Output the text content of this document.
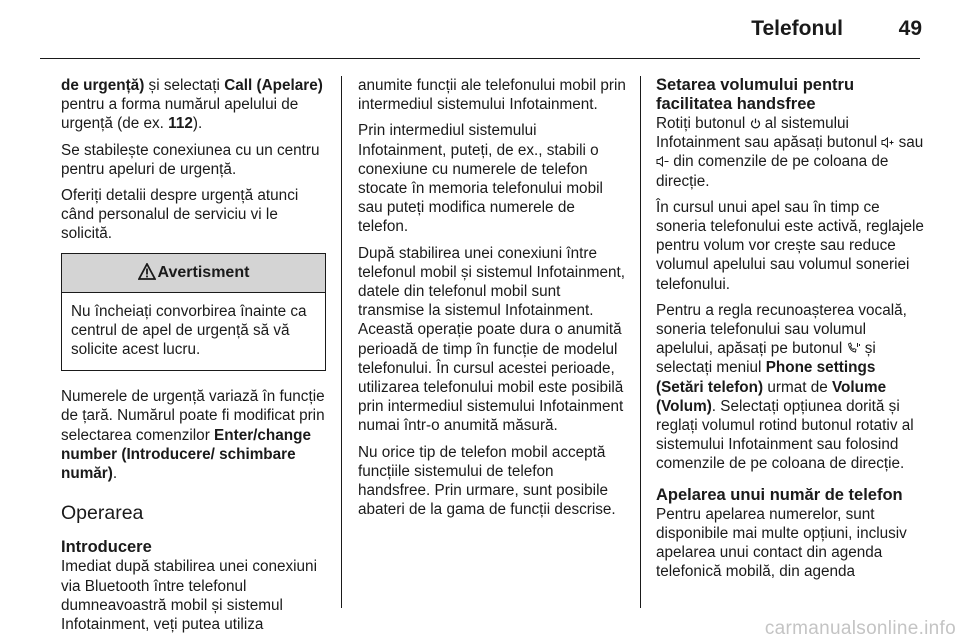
Telefonul	49

de urgență) și selectați Call (Apelare) pentru a forma numărul apelului de urgență (de ex. 112).

Se stabilește conexiunea cu un centru pentru apeluri de urgență.

Oferiți detalii despre urgență atunci când personalul de serviciu vi le solicită.

Avertisment
Nu încheiați convorbirea înainte ca centrul de apel de urgență să vă solicite acest lucru.

Numerele de urgență variază în funcție de țară. Numărul poate fi modificat prin selectarea comenzilor Enter/change number (Introducere/ schimbare număr).

Operarea
Introducere

Imediat după stabilirea unei conexiuni via Bluetooth între telefonul dumneavoastră mobil și sistemul Infotainment, veți putea utiliza

anumite funcții ale telefonului mobil prin intermediul sistemului Infotainment.

Prin intermediul sistemului Infotainment, puteți, de ex., stabili o conexiune cu numerele de telefon stocate în memoria telefonului mobil sau puteți modifica numerele de telefon.

După stabilirea unei conexiuni între telefonul mobil și sistemul Infotainment, datele din telefonul mobil sunt transmise la sistemul Infotainment. Această operație poate dura o anumită perioadă de timp în funcție de modelul telefonului. În cursul acestei perioade, utilizarea telefonului mobil este posibilă prin intermediul sistemului Infotainment numai într-o anumită măsură.

Nu orice tip de telefon mobil acceptă funcțiile sistemului de telefon handsfree. Prin urmare, sunt posibile abateri de la gama de funcții descrise.

Setarea volumului pentru facilitatea handsfree

Rotiți butonul  al sistemului Infotainment sau apăsați butonul  sau  din comenzile de pe coloana de direcție.

În cursul unui apel sau în timp ce soneria telefonului este activă, reglajele pentru volum vor crește sau reduce volumul apelului sau volumul soneriei telefonului.

Pentru a regla recunoașterea vocală, soneria telefonului sau volumul apelului, apăsați pe butonul  și selectați meniul Phone settings (Setări telefon) urmat de Volume (Volum). Selectați opțiunea dorită și reglați volumul rotind butonul rotativ al sistemului Infotainment sau folosind comenzile de pe coloana de direcție.

Apelarea unui număr de telefon

Pentru apelarea numerelor, sunt disponibile mai multe opțiuni, inclusiv apelarea unui contact din agenda telefonică mobilă, din agenda

carmanualsonline.info
